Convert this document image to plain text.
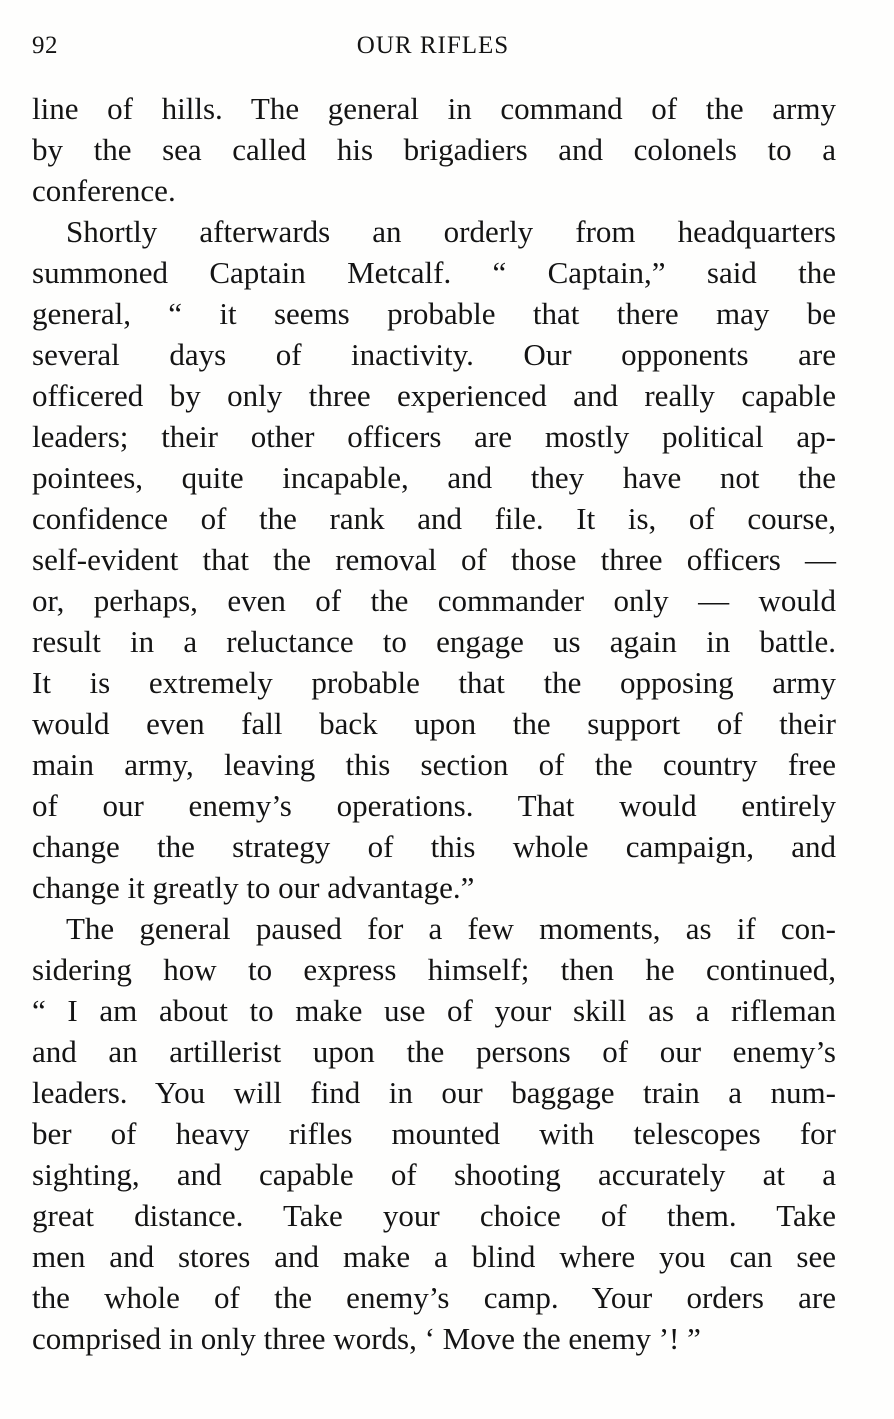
92	OUR RIFLES
line of hills. The general in command of the army
by the sea called his brigadiers and colonels to a
conference.
Shortly afterwards an orderly from headquarters
summoned Captain Metcalf. “ Captain,” said the
general, “ it seems probable that there may be
several days of inactivity. Our opponents are
officered by only three experienced and really capable
leaders; their other officers are mostly political ap-
pointees, quite incapable, and they have not the
confidence of the rank and file. It is, of course,
self-evident that the removal of those three officers —
or, perhaps, even of the commander only — would
result in a reluctance to engage us again in battle.
It is extremely probable that the opposing army
would even fall back upon the support of their
main army, leaving this section of the country free
of our enemy’s operations. That would entirely
change the strategy of this whole campaign, and
change it greatly to our advantage.”
The general paused for a few moments, as if con-
sidering how to express himself; then he continued,
“ I am about to make use of your skill as a rifleman
and an artillerist upon the persons of our enemy’s
leaders. You will find in our baggage train a num-
ber of heavy rifles mounted with telescopes for
sighting, and capable of shooting accurately at a
great distance. Take your choice of them. Take
men and stores and make a blind where you can see
the whole of the enemy’s camp. Your orders are
comprised in only three words, ‘ Move the enemy ’! ”
